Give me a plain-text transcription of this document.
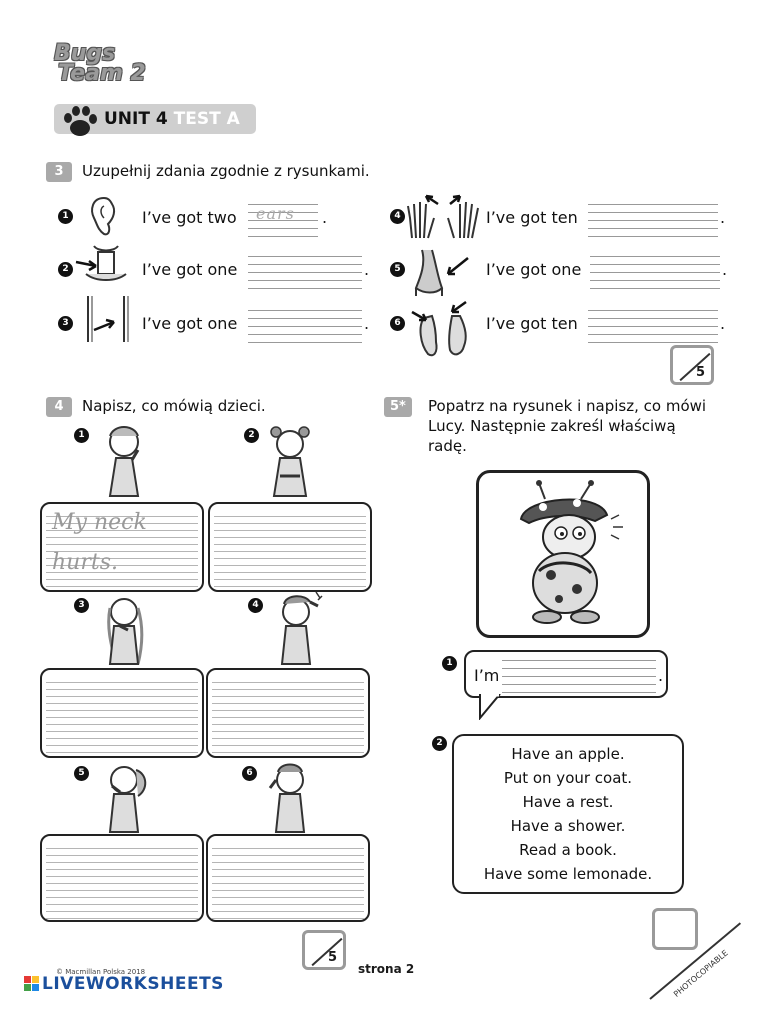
Bugs
Team 2
UNIT 4 TEST A
3	Uzupełnij zdania zgodnie z rysunkami.
1	I’ve got two ears .
2	I’ve got one	.
3	I’ve got one	.
4	I’ve got ten	.
5	I’ve got one	.
6	I’ve got ten	.
5
4	Napisz, co mówią dzieci.
1	2
My neck
hurts.
3	4
5	6
5*	Popatrz na rysunek i napisz, co mówi
Lucy. Następnie zakreśl właściwą
radę.
1
I’m	.
2
Have an apple.
Put on your coat.
Have a rest.
Have a shower.
Read a book.
Have some lemonade.
PHOTOCOPIABLE
5
strona 2
© Macmillan Polska 2018
LIVEWORKSHEETS
